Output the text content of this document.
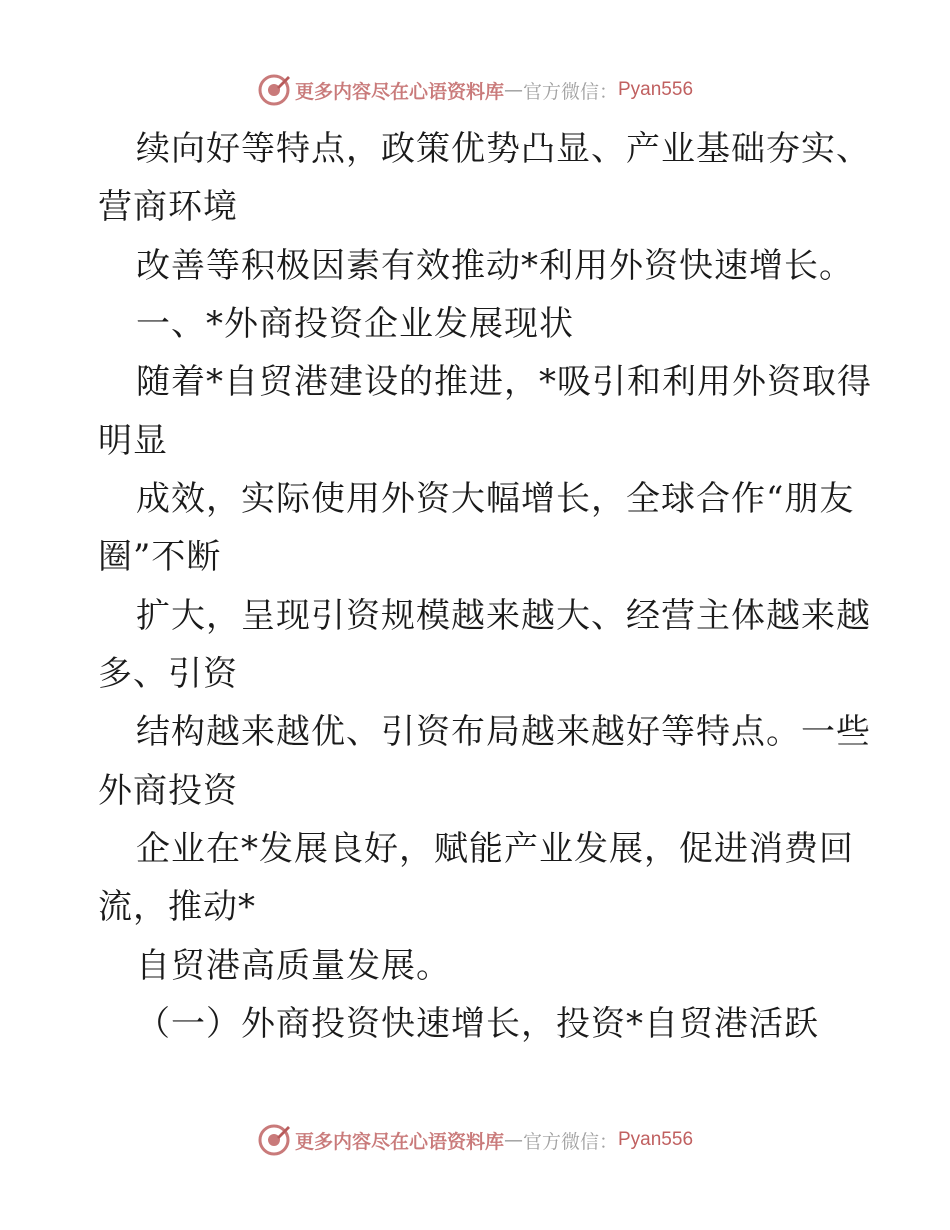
更多内容尽在心语资料库 — 官方微信： Pyan556
续向好等特点，政策优势凸显、产业基础夯实、
营商环境
改善等积极因素有效推动*利用外资快速增长。
一、*外商投资企业发展现状
随着*自贸港建设的推进，*吸引和利用外资取得
明显
成效，实际使用外资大幅增长，全球合作“朋友
圈”不断
扩大，呈现引资规模越来越大、经营主体越来越
多、引资
结构越来越优、引资布局越来越好等特点。一些
外商投资
企业在*发展良好，赋能产业发展，促进消费回
流，推动*
自贸港高质量发展。
（一）外商投资快速增长，投资*自贸港活跃
更多内容尽在心语资料库 — 官方微信： Pyan556
